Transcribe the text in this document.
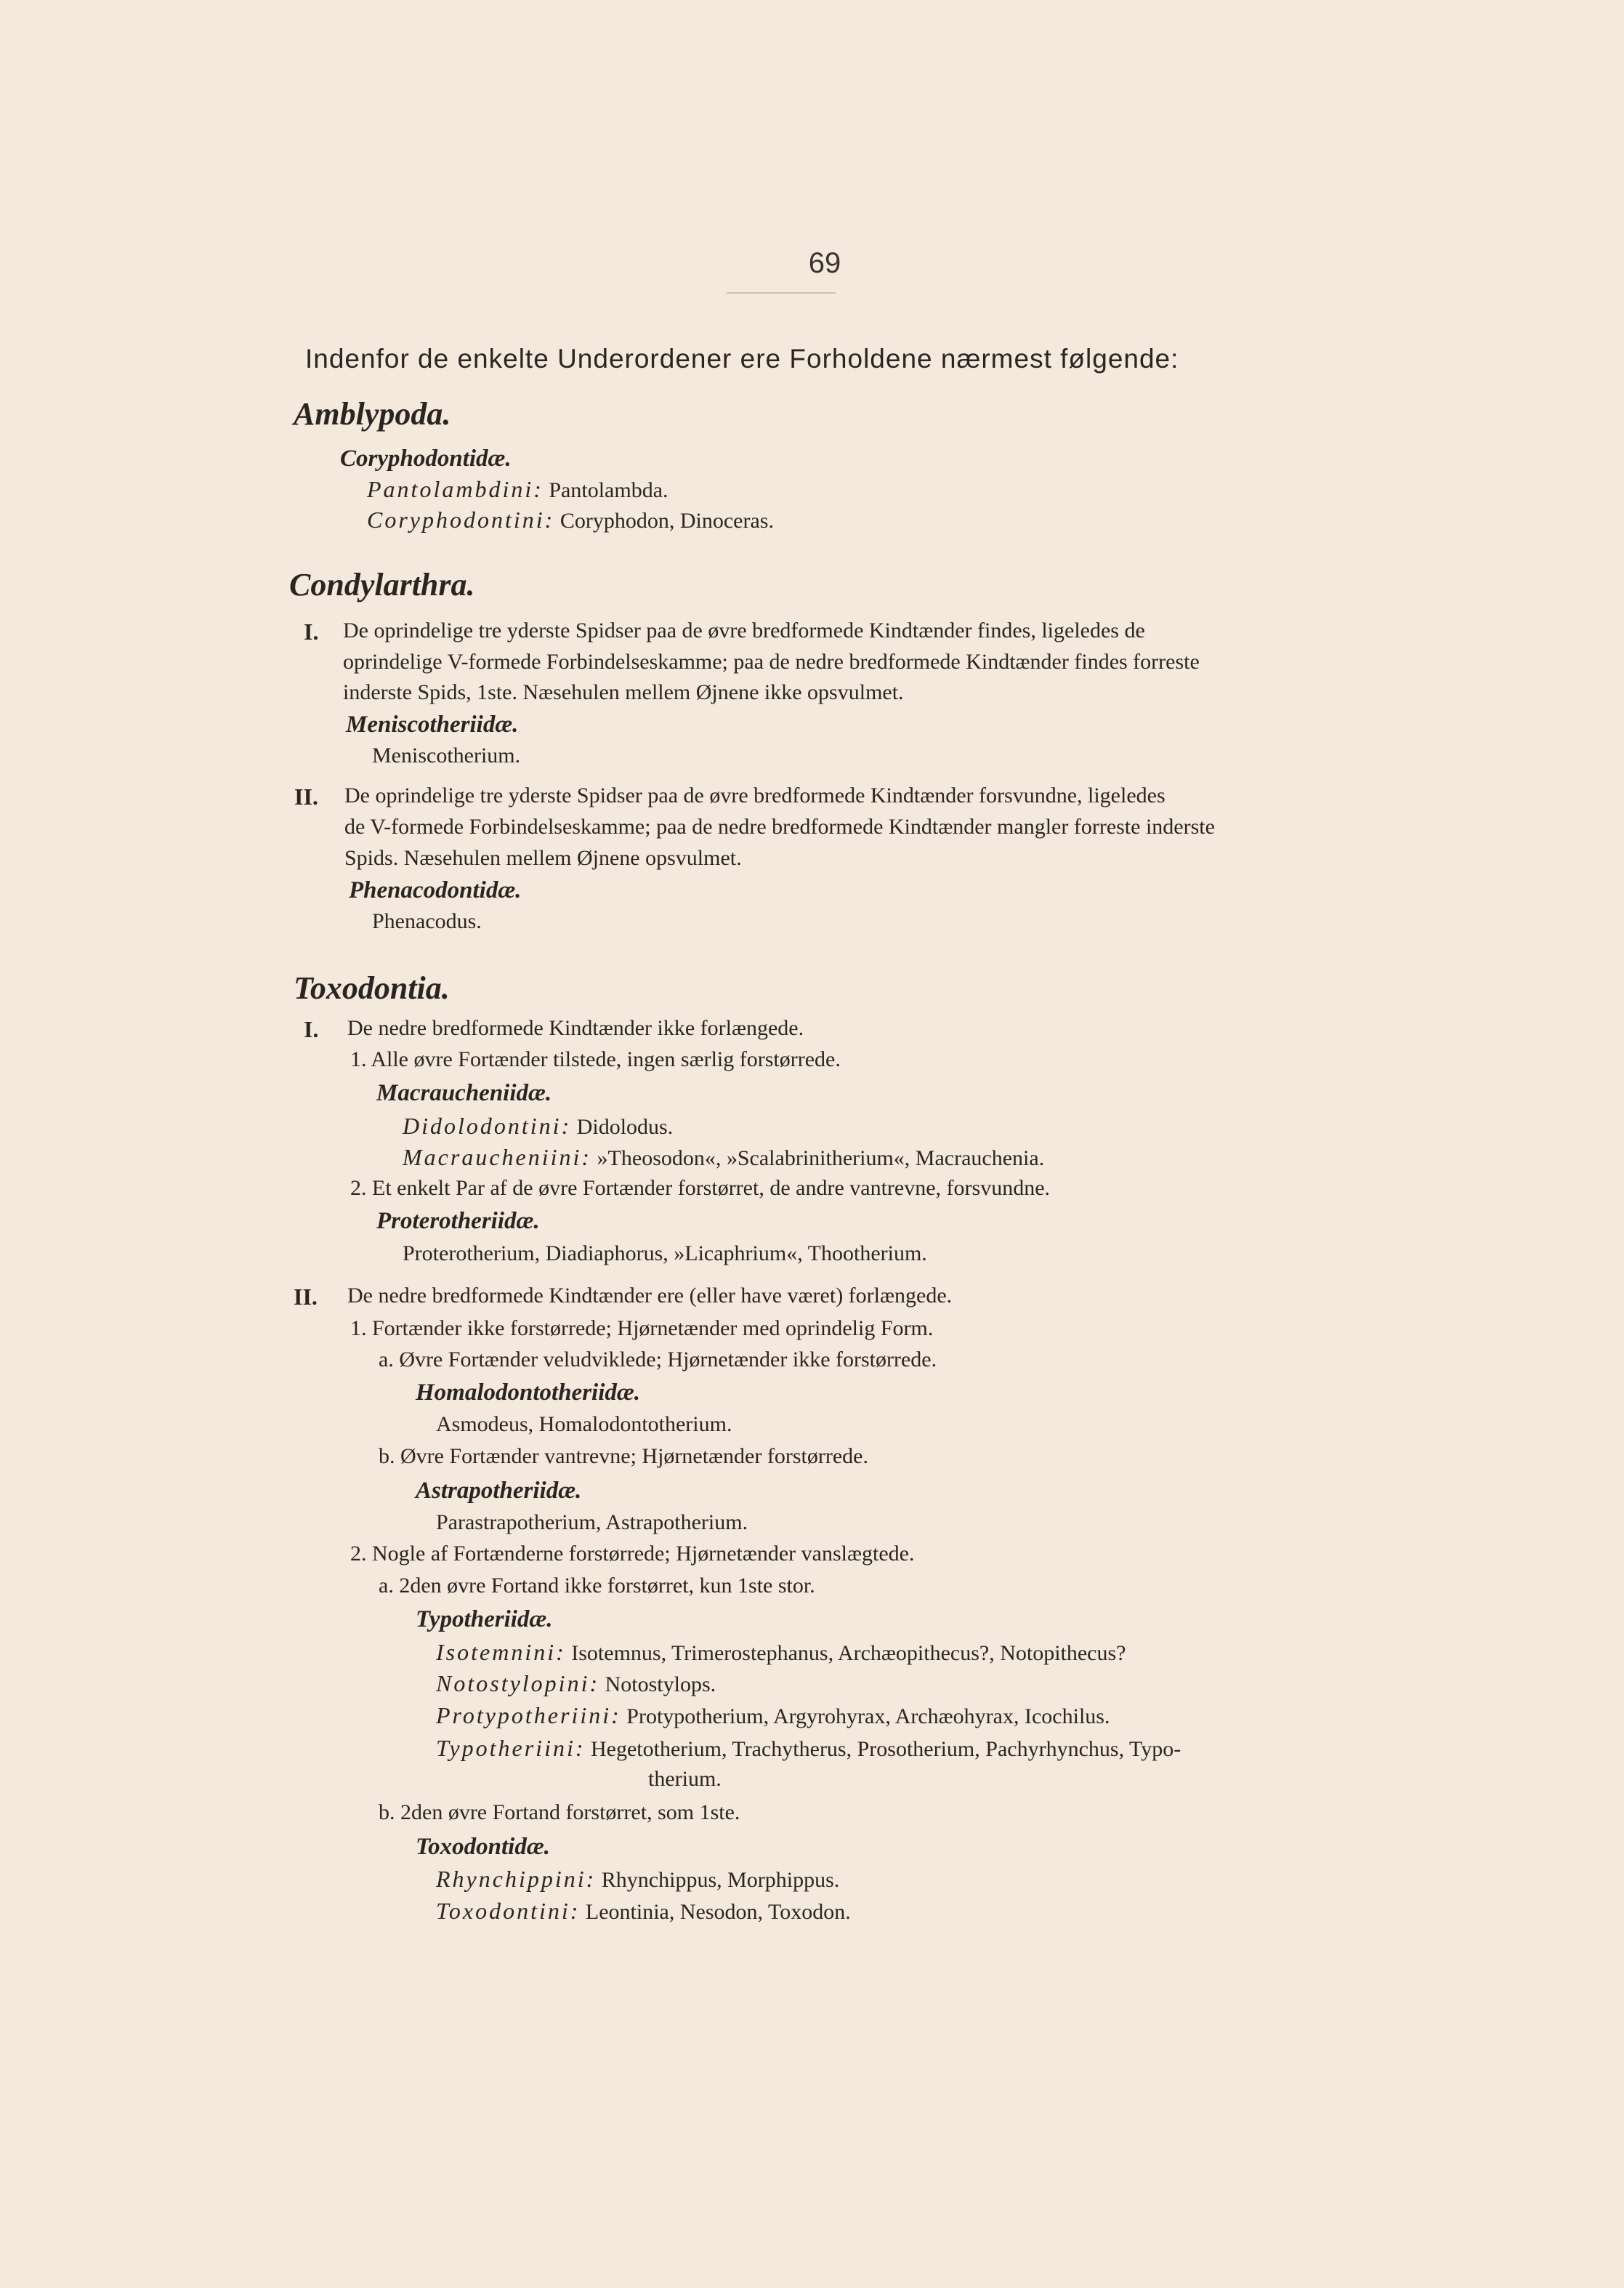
69
Indenfor de enkelte Underordener ere Forholdene nærmest følgende:
Amblypoda.
Coryphodontidæ.
Pantolambdini: Pantolambda.
Coryphodontini: Coryphodon, Dinoceras.
Condylarthra.
I. De oprindelige tre yderste Spidser paa de øvre bredformede Kindtænder findes, ligeledes de
oprindelige V-formede Forbindelseskamme; paa de nedre bredformede Kindtænder findes forreste
inderste Spids, 1ste. Næsehulen mellem Øjnene ikke opsvulmet.
Meniscotheriidæ.
Meniscotherium.
II. De oprindelige tre yderste Spidser paa de øvre bredformede Kindtænder forsvundne, ligeledes
de V-formede Forbindelseskamme; paa de nedre bredformede Kindtænder mangler forreste inderste
Spids. Næsehulen mellem Øjnene opsvulmet.
Phenacodontidæ.
Phenacodus.
Toxodontia.
I. De nedre bredformede Kindtænder ikke forlængede.
1. Alle øvre Fortænder tilstede, ingen særlig forstørrede.
Macraucheniidæ.
Didolodontini: Didolodus.
Macraucheniini: »Theosodon«, »Scalabrinitherium«, Macrauchenia.
2. Et enkelt Par af de øvre Fortænder forstørret, de andre vantrevne, forsvundne.
Proterotheriidæ.
Proterotherium, Diadiaphorus, »Licaphrium«, Thootherium.
II. De nedre bredformede Kindtænder ere (eller have været) forlængede.
1. Fortænder ikke forstørrede; Hjørnetænder med oprindelig Form.
a. Øvre Fortænder veludviklede; Hjørnetænder ikke forstørrede.
Homalodontotheriidæ.
Asmodeus, Homalodontotherium.
b. Øvre Fortænder vantrevne; Hjørnetænder forstørrede.
Astrapotheriidæ.
Parastrapotherium, Astrapotherium.
2. Nogle af Fortænderne forstørrede; Hjørnetænder vanslægtede.
a. 2den øvre Fortand ikke forstørret, kun 1ste stor.
Typotheriidæ.
Isotemnini: Isotemnus, Trimerostephanus, Archæopithecus?, Notopithecus?
Notostylopini: Notostylops.
Protypotheriini: Protypotherium, Argyrohyrax, Archæohyrax, Icochilus.
Typotheriini: Hegetotherium, Trachytherus, Prosotherium, Pachyrhynchus, Typo-
therium.
b. 2den øvre Fortand forstørret, som 1ste.
Toxodontidæ.
Rhynchippini: Rhynchippus, Morphippus.
Toxodontini: Leontinia, Nesodon, Toxodon.
